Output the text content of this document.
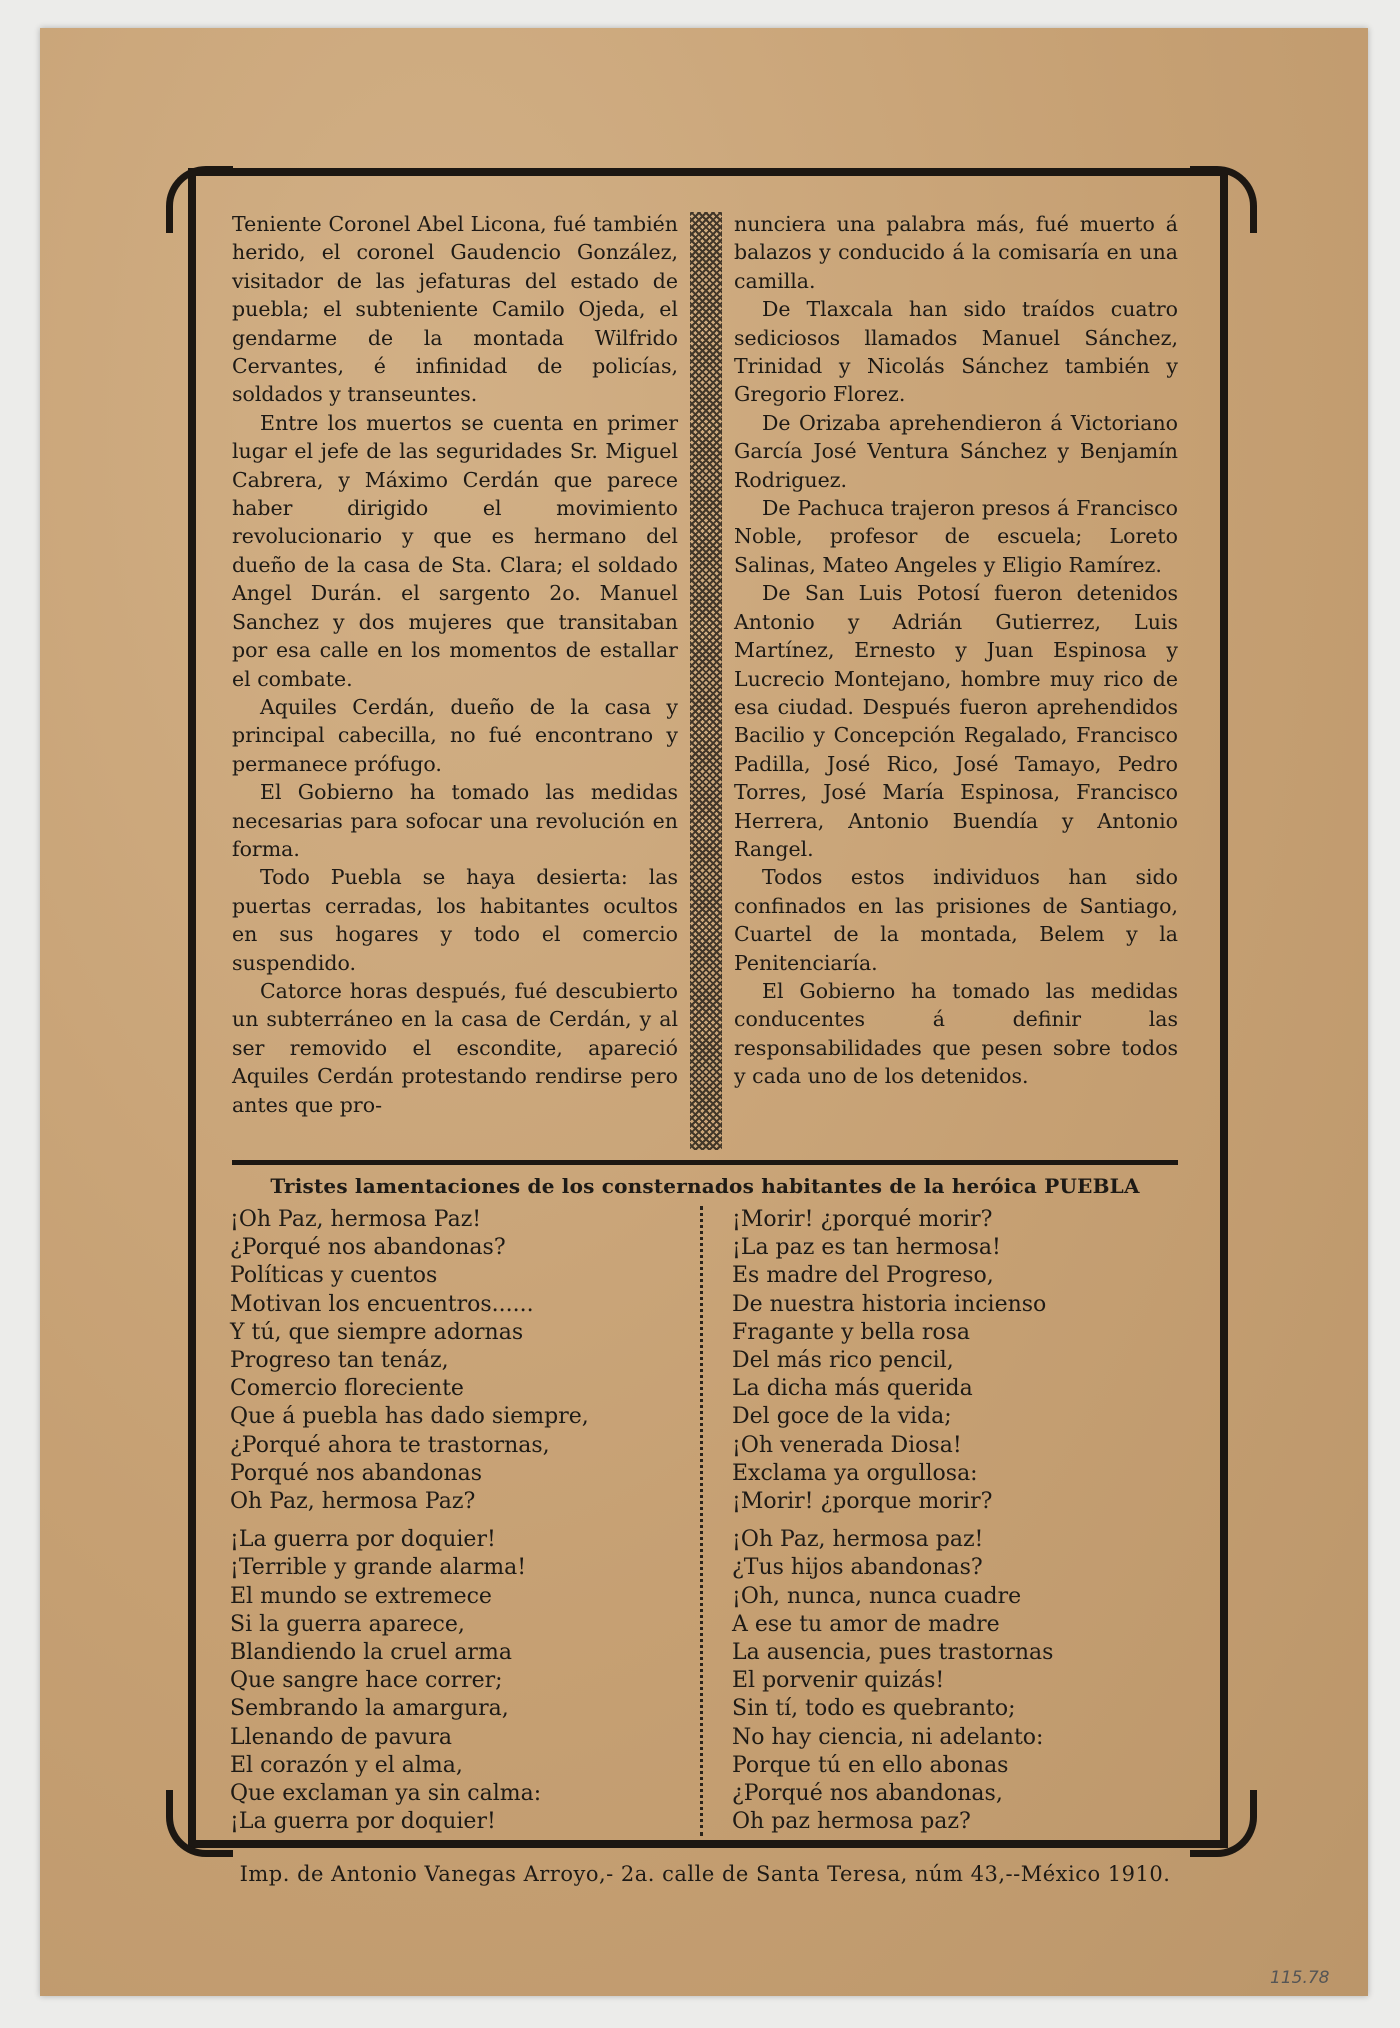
Teniente Coronel Abel Licona, fué también herido, el coronel Gaudencio González, visitador de las jefaturas del estado de puebla; el subteniente Camilo Ojeda, el gendarme de la montada Wilfrido Cervantes, é infinidad de policías, soldados y transeuntes.

Entre los muertos se cuenta en primer lugar el jefe de las seguridades Sr. Miguel Cabrera, y Máximo Cerdán que parece haber dirigido el movimiento revolucionario y que es hermano del dueño de la casa de Sta. Clara; el soldado Angel Durán. el sargento 2o. Manuel Sanchez y dos mujeres que transitaban por esa calle en los momentos de estallar el combate.

Aquiles Cerdán, dueño de la casa y principal cabecilla, no fué encontrano y permanece prófugo.

El Gobierno ha tomado las medidas necesarias para sofocar una revolución en forma.

Todo Puebla se haya desierta: las puertas cerradas, los habitantes ocultos en sus hogares y todo el comercio suspendido.

Catorce horas después, fué descubierto un subterráneo en la casa de Cerdán, y al ser removido el escondite, apareció Aquiles Cerdán protestando rendirse pero antes que pro-

nunciera una palabra más, fué muerto á balazos y conducido á la comisaría en una camilla.

De Tlaxcala han sido traídos cuatro sediciosos llamados Manuel Sánchez, Trinidad y Nicolás Sánchez también y Gregorio Florez.

De Orizaba aprehendieron á Victoriano García José Ventura Sánchez y Benjamín Rodriguez.

De Pachuca trajeron presos á Francisco Noble, profesor de escuela; Loreto Salinas, Mateo Angeles y Eligio Ramírez.

De San Luis Potosí fueron detenidos Antonio y Adrián Gutierrez, Luis Martínez, Ernesto y Juan Espinosa y Lucrecio Montejano, hombre muy rico de esa ciudad. Después fueron aprehendidos Bacilio y Concepción Regalado, Francisco Padilla, José Rico, José Tamayo, Pedro Torres, José María Espinosa, Francisco Herrera, Antonio Buendía y Antonio Rangel.

Todos estos individuos han sido confinados en las prisiones de Santiago, Cuartel de la montada, Belem y la Penitenciaría.

El Gobierno ha tomado las medidas conducentes á definir las responsabilidades que pesen sobre todos y cada uno de los detenidos.

Tristes lamentaciones de los consternados habitantes de la heróica PUEBLA
¡Oh Paz, hermosa Paz!
¿Porqué nos abandonas?
Políticas y cuentos
Motivan los encuentros......
Y tú, que siempre adornas
Progreso tan tenáz,
Comercio floreciente
Que á puebla has dado siempre,
¿Porqué ahora te trastornas,
Porqué nos abandonas
Oh Paz, hermosa Paz?
¡La guerra por doquier!
¡Terrible y grande alarma!
El mundo se extremece
Si la guerra aparece,
Blandiendo la cruel arma
Que sangre hace correr;
Sembrando la amargura,
Llenando de pavura
El corazón y el alma,
Que exclaman ya sin calma:
¡La guerra por doquier!
¡Morir! ¿porqué morir?
¡La paz es tan hermosa!
Es madre del Progreso,
De nuestra historia incienso
Fragante y bella rosa
Del más rico pencil,
La dicha más querida
Del goce de la vida;
¡Oh venerada Diosa!
Exclama ya orgullosa:
¡Morir! ¿porque morir?
¡Oh Paz, hermosa paz!
¿Tus hijos abandonas?
¡Oh, nunca, nunca cuadre
A ese tu amor de madre
La ausencia, pues trastornas
El porvenir quizás!
Sin tí, todo es quebranto;
No hay ciencia, ni adelanto:
Porque tú en ello abonas
¿Porqué nos abandonas,
Oh paz hermosa paz?
Imp. de Antonio Vanegas Arroyo,- 2a. calle de Santa Teresa, núm 43,--México 1910.
115.78
